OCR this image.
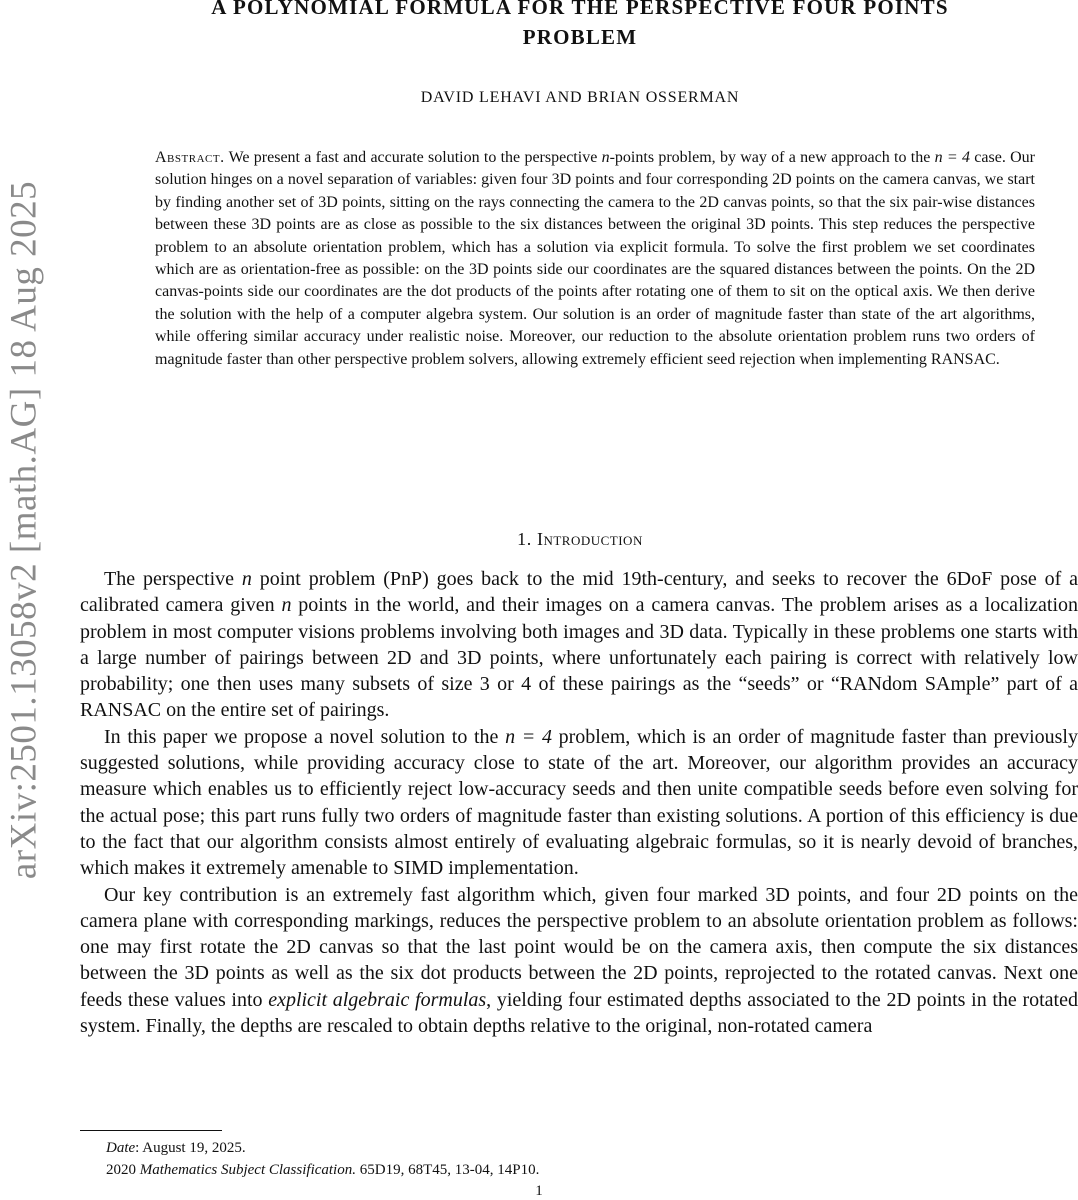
arXiv:2501.13058v2 [math.AG] 18 Aug 2025
A POLYNOMIAL FORMULA FOR THE PERSPECTIVE FOUR POINTS
PROBLEM
DAVID LEHAVI AND BRIAN OSSERMAN

Abstract. We present a fast and accurate solution to the perspective n-points problem, by way of a new approach to the n = 4 case. Our solution hinges on a novel separation of variables: given four 3D points and four corresponding 2D points on the camera canvas, we start by finding another set of 3D points, sitting on the rays connecting the camera to the 2D canvas points, so that the six pair-wise distances between these 3D points are as close as possible to the six distances between the original 3D points. This step reduces the perspective problem to an absolute orientation problem, which has a solution via explicit formula. To solve the first problem we set coordinates which are as orientation-free as possible: on the 3D points side our coordinates are the squared distances between the points. On the 2D canvas-points side our coordinates are the dot products of the points after rotating one of them to sit on the optical axis. We then derive the solution with the help of a computer algebra system. Our solution is an order of magnitude faster than state of the art algorithms, while offering similar accuracy under realistic noise. Moreover, our reduction to the absolute orientation problem runs two orders of magnitude faster than other perspective problem solvers, allowing extremely efficient seed rejection when implementing RANSAC.

1. Introduction

The perspective n point problem (PnP) goes back to the mid 19th-century, and seeks to recover the 6DoF pose of a calibrated camera given n points in the world, and their images on a camera canvas. The problem arises as a localization problem in most computer visions problems involving both images and 3D data. Typically in these problems one starts with a large number of pairings between 2D and 3D points, where unfortunately each pairing is correct with relatively low probability; one then uses many subsets of size 3 or 4 of these pairings as the “seeds” or “RANdom SAmple” part of a RANSAC on the entire set of pairings.

In this paper we propose a novel solution to the n = 4 problem, which is an order of magnitude faster than previously suggested solutions, while providing accuracy close to state of the art. Moreover, our algorithm provides an accuracy measure which enables us to efficiently reject low-accuracy seeds and then unite compatible seeds before even solving for the actual pose; this part runs fully two orders of magnitude faster than existing solutions. A portion of this efficiency is due to the fact that our algorithm consists almost entirely of evaluating algebraic formulas, so it is nearly devoid of branches, which makes it extremely amenable to SIMD implementation.

Our key contribution is an extremely fast algorithm which, given four marked 3D points, and four 2D points on the camera plane with corresponding markings, reduces the perspective problem to an absolute orientation problem as follows: one may first rotate the 2D canvas so that the last point would be on the camera axis, then compute the six distances between the 3D points as well as the six dot products between the 2D points, reprojected to the rotated canvas. Next one feeds these values into explicit algebraic formulas, yielding four estimated depths associated to the 2D points in the rotated system. Finally, the depths are rescaled to obtain depths relative to the original, non-rotated camera

Date: August 19, 2025.
2020 Mathematics Subject Classification. 65D19, 68T45, 13-04, 14P10.
1
